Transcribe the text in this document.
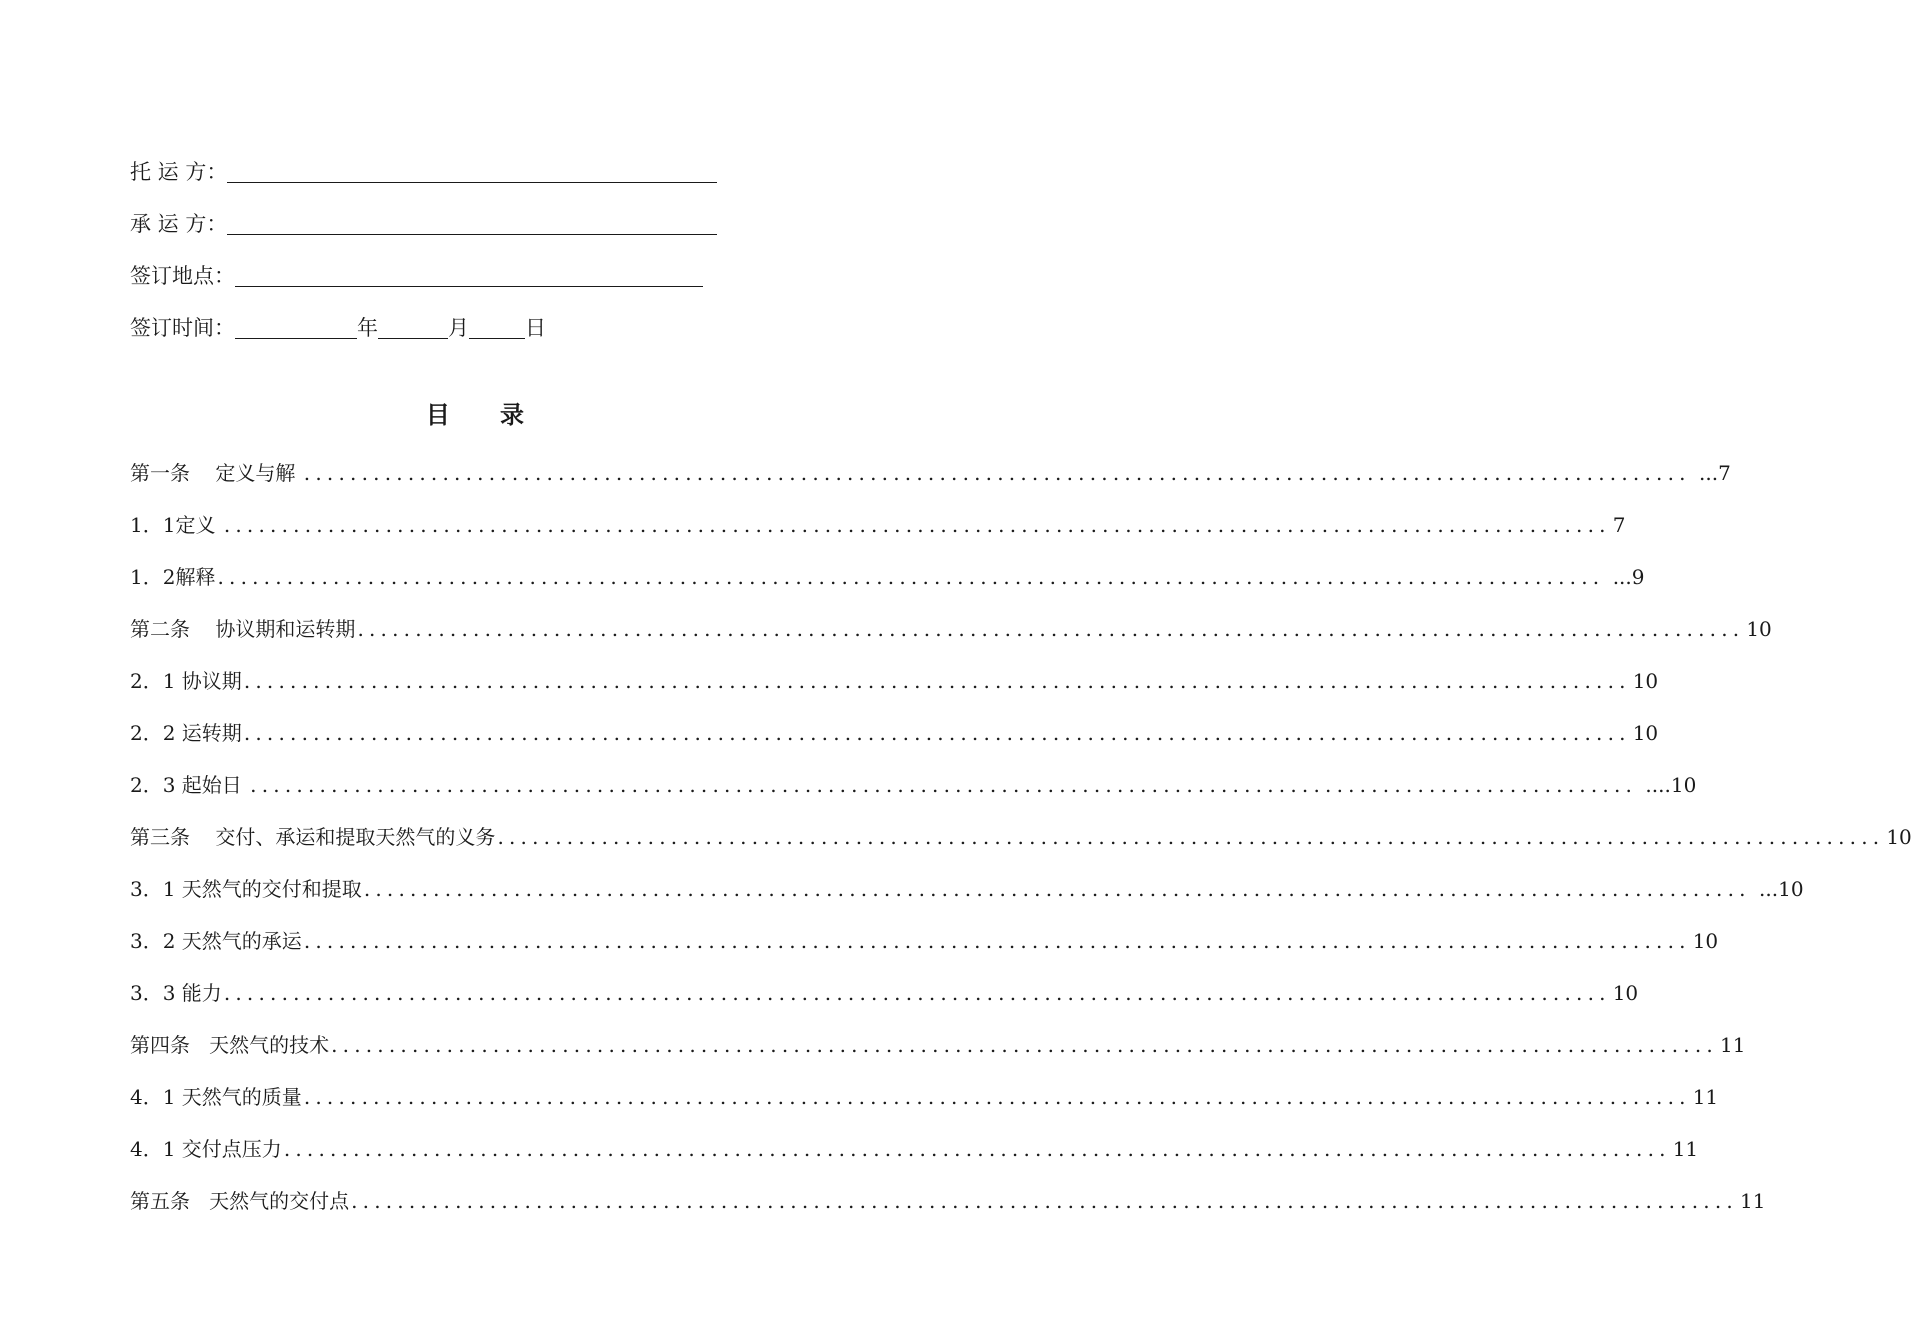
托 运 方：
承 运 方：
签订地点：
签订时间：	年	月	日
目      录
第一条    定义与解 ........................................................................................................................ ...7
1．1定义 ........................................................................................................................ 7
1．2解释 ........................................................................................................................ ...9
第二条    协议期和运转期 ........................................................................................................................ 10
2．1 协议期 ........................................................................................................................ 10
2．2 运转期 ........................................................................................................................ 10
2．3 起始日 ........................................................................................................................ ....10
第三条    交付、承运和提取天然气的义务 ........................................................................................................................ 10
3．1 天然气的交付和提取 ........................................................................................................................ ...10
3．2 天然气的承运 ........................................................................................................................ 10
3．3 能力 ........................................................................................................................ 10
第四条   天然气的技术 ........................................................................................................................ 11
4．1 天然气的质量 ........................................................................................................................ 11
4．1 交付点压力 ........................................................................................................................ 11
第五条   天然气的交付点 ........................................................................................................................ 11
